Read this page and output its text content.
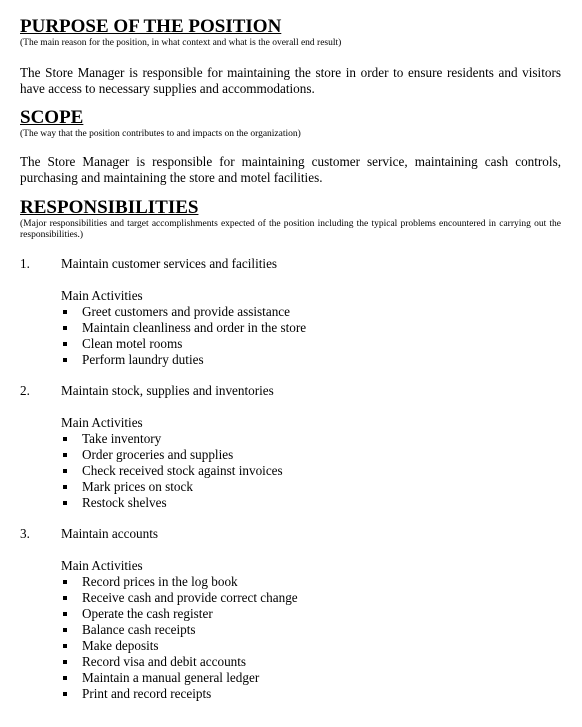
PURPOSE OF THE POSITION

(The main reason for the position, in what context and what is the overall end result)

The Store Manager is responsible for maintaining the store in order to ensure residents and visitors have access to necessary supplies and accommodations.

SCOPE

(The way that the position contributes to and impacts on the organization)

The Store Manager is responsible for maintaining customer service, maintaining cash controls, purchasing and maintaining the store and motel facilities.

RESPONSIBILITIES

(Major responsibilities and target accomplishments expected of the position including the typical problems encountered in carrying out the responsibilities.)

1. Maintain customer services and facilities
Main Activities
Greet customers and provide assistance
Maintain cleanliness and order in the store
Clean motel rooms
Perform laundry duties
2. Maintain stock, supplies and inventories
Main Activities
Take inventory
Order groceries and supplies
Check received stock against invoices
Mark prices on stock
Restock shelves
3. Maintain accounts
Main Activities
Record prices in the log book
Receive cash and provide correct change
Operate the cash register
Balance cash receipts
Make deposits
Record visa and debit accounts
Maintain a manual general ledger
Print and record receipts
